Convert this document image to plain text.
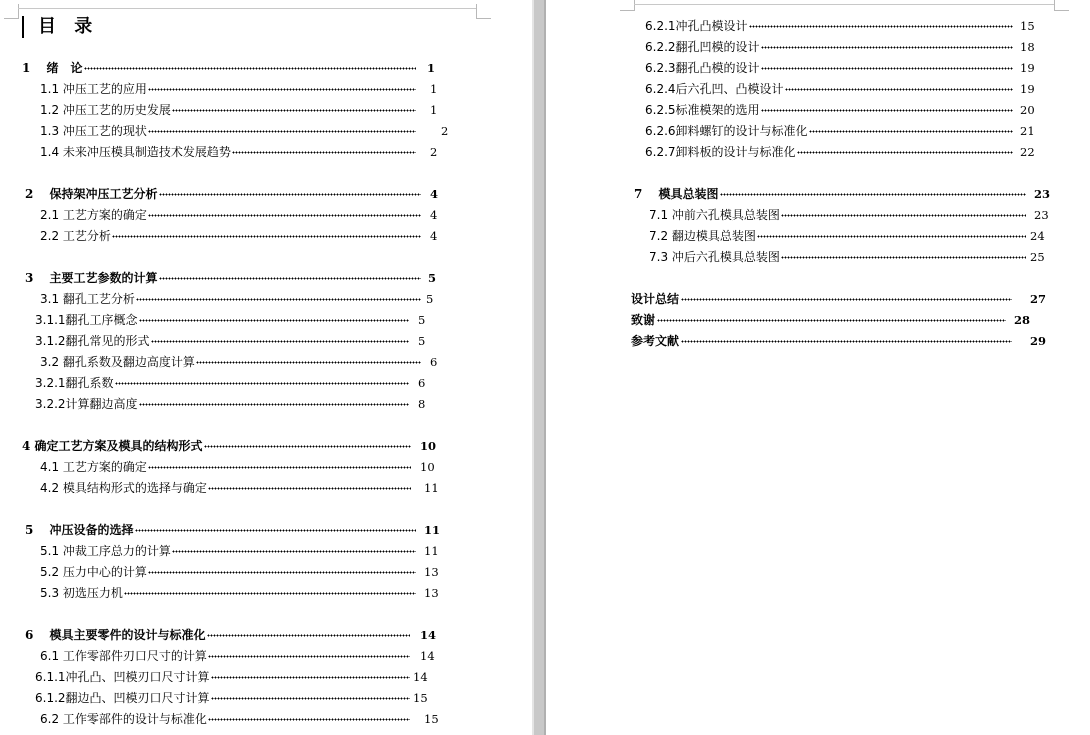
目 录
1　 绪　论	1
1.1 冲压工艺的应用	1
1.2 冲压工艺的历史发展	1
1.3 冲压工艺的现状	2
1.4 未来冲压模具制造技术发展趋势	2
2　 保持架冲压工艺分析	4
2.1 工艺方案的确定	4
2.2 工艺分析	4
3　 主要工艺参数的计算	5
3.1 翻孔工艺分析	5
3.1.1翻孔工序概念	5
3.1.2翻孔常见的形式	5
3.2 翻孔系数及翻边高度计算	6
3.2.1翻孔系数	6
3.2.2计算翻边高度	8
4 确定工艺方案及模具的结构形式	10
4.1 工艺方案的确定	10
4.2 模具结构形式的选择与确定	11
5　 冲压设备的选择	11
5.1 冲裁工序总力的计算	11
5.2 压力中心的计算	13
5.3 初选压力机	13
6　 模具主要零件的设计与标准化	14
6.1 工作零部件刃口尺寸的计算	14
6.1.1冲孔凸、凹模刃口尺寸计算	14
6.1.2翻边凸、凹模刃口尺寸计算	15
6.2 工作零部件的设计与标准化	15
6.2.1冲孔凸模设计	15
6.2.2翻孔凹模的设计	18
6.2.3翻孔凸模的设计	19
6.2.4后六孔凹、凸模设计	19
6.2.5标准模架的选用	20
6.2.6卸料螺钉的设计与标准化	21
6.2.7卸料板的设计与标准化	22
7　 模具总装图	23
7.1 冲前六孔模具总装图	23
7.2 翻边模具总装图	24
7.3 冲后六孔模具总装图	25
设计总结	27
致谢	28
参考文献	29
